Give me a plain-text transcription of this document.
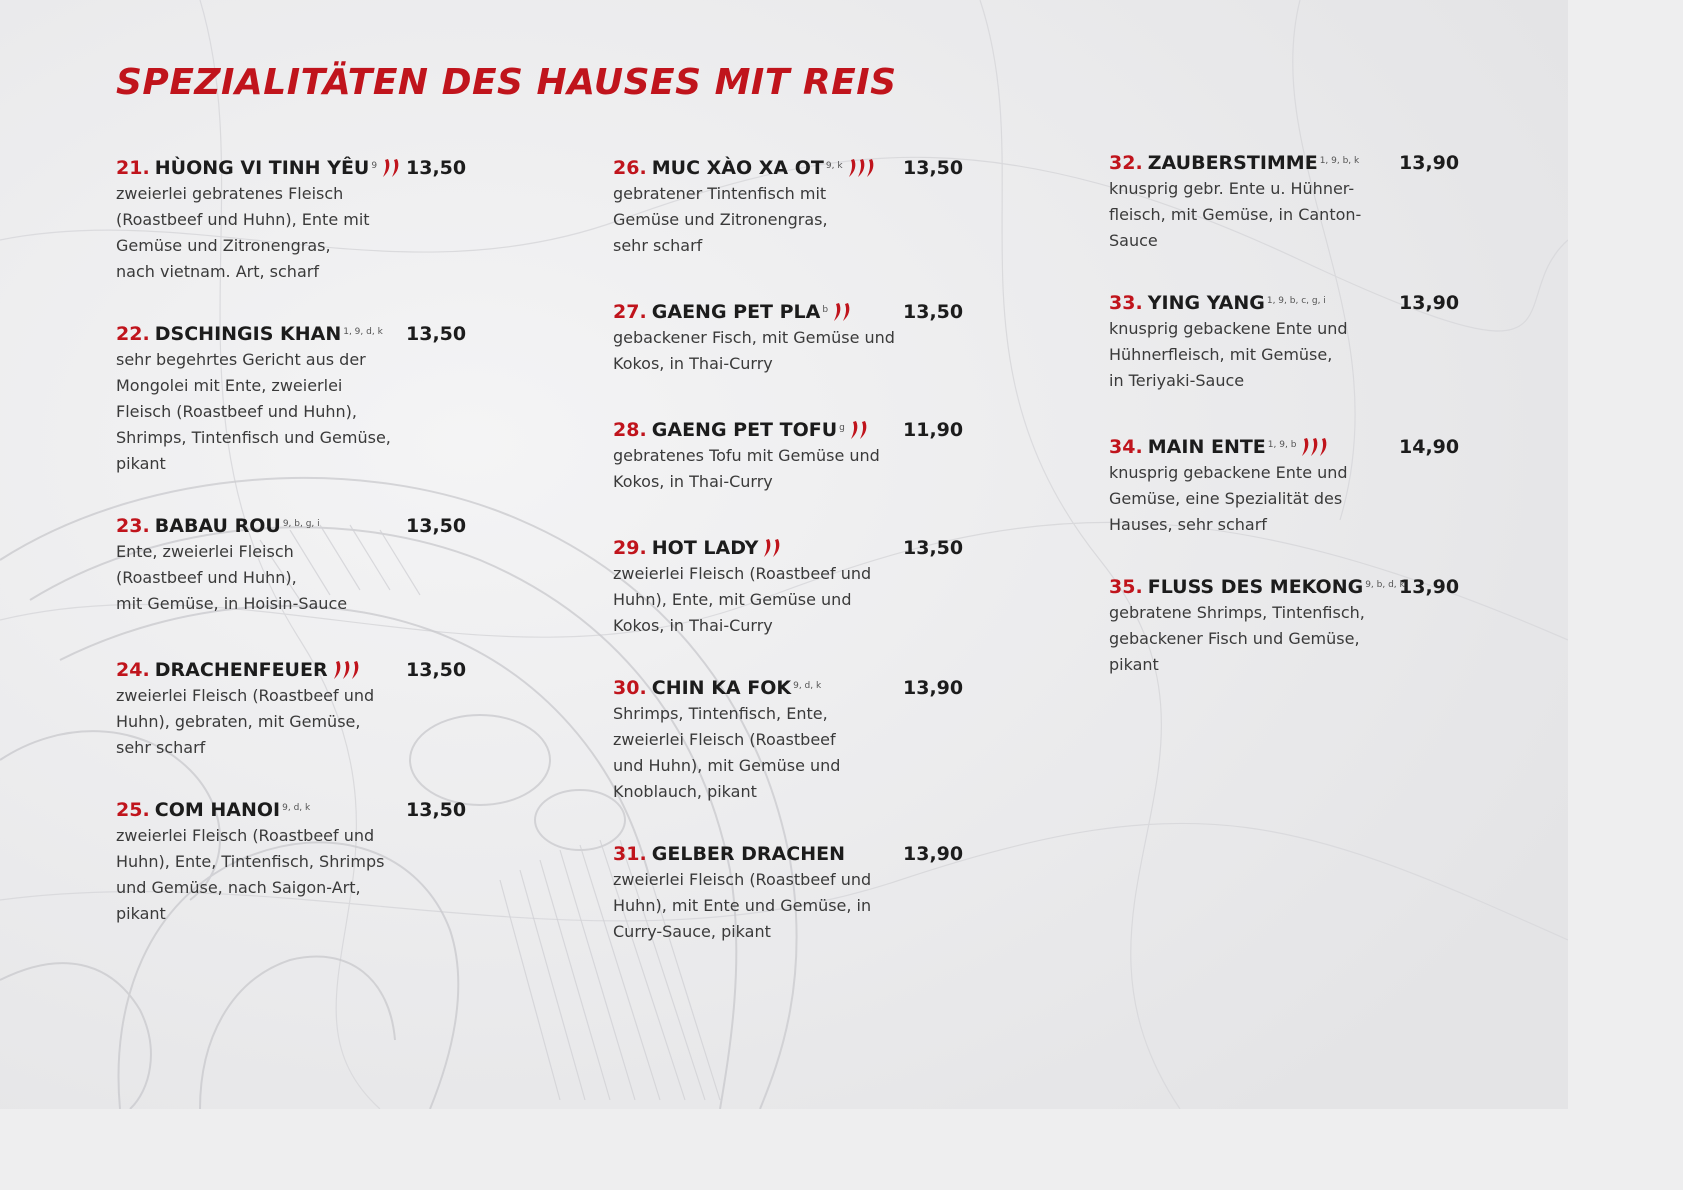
SPEZIALITÄTEN DES HAUSES MIT REIS
21. HÙONG VI TINH YÊU $^9$ 13,50

zweierlei gebratenes Fleisch
(Roastbeef und Huhn), Ente mit
Gemüse und Zitronengras,
nach vietnam. Art, scharf

22. DSCHINGIS KHAN $^{1, 9, d, k}$ 13,50

sehr begehrtes Gericht aus der
Mongolei mit Ente, zweierlei
Fleisch (Roastbeef und Huhn),
Shrimps, Tintenfisch und Gemüse,
pikant

23. BABAU ROU $^{9, b, g, i}$	13,50

Ente, zweierlei Fleisch
(Roastbeef und Huhn),
mit Gemüse, in Hoisin-Sauce

24. DRACHENFEUER	13,50

zweierlei Fleisch (Roastbeef und
Huhn), gebraten, mit Gemüse,
sehr scharf

25. COM HANOI $^{9, d, k}$	13,50

zweierlei Fleisch (Roastbeef und
Huhn), Ente, Tintenfisch, Shrimps
und Gemüse, nach Saigon-Art,
pikant

26. MUC XÀO XA OT $^{9, k}$	13,50

gebratener Tintenfisch mit
Gemüse und Zitronengras,
sehr scharf

27. GAENG PET PLA $^b$	13,50

gebackener Fisch, mit Gemüse und
Kokos, in Thai-Curry

28. GAENG PET TOFU $^g$	11,90

gebratenes Tofu mit Gemüse und
Kokos, in Thai-Curry

29. HOT LADY	13,50

zweierlei Fleisch (Roastbeef und
Huhn), Ente, mit Gemüse und
Kokos, in Thai-Curry

30. CHIN KA FOK $^{9, d, k}$	13,90

Shrimps, Tintenfisch, Ente,
zweierlei Fleisch (Roastbeef
und Huhn), mit Gemüse und
Knoblauch, pikant

31. GELBER DRACHEN	13,90

zweierlei Fleisch (Roastbeef und
Huhn), mit Ente und Gemüse, in
Curry-Sauce, pikant

32. ZAUBERSTIMME $^{1, 9, b, k}$ 13,90

knusprig gebr. Ente u. Hühner-
fleisch, mit Gemüse, in Canton-
Sauce

33. YING YANG $^{1, 9, b, c, g, i}$	13,90

knusprig gebackene Ente und
Hühnerfleisch, mit Gemüse,
in Teriyaki-Sauce

34. MAIN ENTE $^{1, 9, b}$	14,90

knusprig gebackene Ente und
Gemüse, eine Spezialität des
Hauses, sehr scharf

35. FLUSS DES MEKONG $^{9, b, d, k}$
13,90

gebratene Shrimps, Tintenfisch,
gebackener Fisch und Gemüse,
pikant
